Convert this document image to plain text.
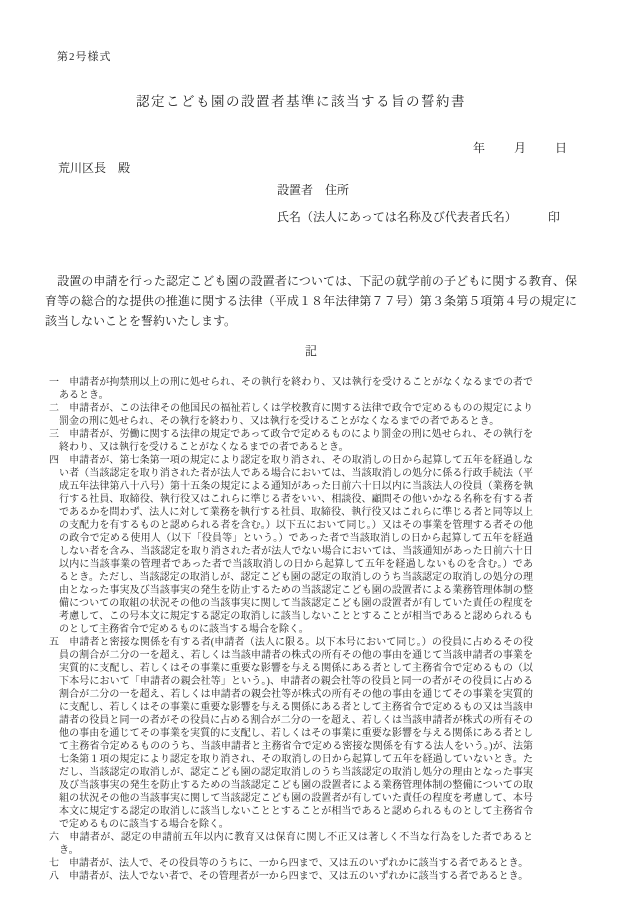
第2号様式
認定こども園の設置者基準に該当する旨の誓約書
年 月 日
荒川区長　殿
設置者　住所
氏名（法人にあっては名称及び代表者氏名）	印
　設置の申請を行った認定こども園の設置者については、下記の就学前の子どもに関する教育、保育等の総合的な提供の推進に関する法律（平成１８年法律第７７号）第３条第５項第４号の規定に該当しないことを誓約いたします。
記
一 申請者が拘禁刑以上の刑に処せられ、その執行を終わり、又は執行を受けることがなくなるまでの者であるとき。
二 申請者が、この法律その他国民の福祉若しくは学校教育に関する法律で政令で定めるものの規定により罰金の刑に処せられ、その執行を終わり、又は執行を受けることがなくなるまでの者であるとき。
三 申請者が、労働に関する法律の規定であって政令で定めるものにより罰金の刑に処せられ、その執行を終わり、又は執行を受けることがなくなるまでの者であるとき。
四 申請者が、第七条第一項の規定により認定を取り消され、その取消しの日から起算して五年を経過しない者（当該認定を取り消された者が法人である場合においては、当該取消しの処分に係る行政手続法（平成五年法律第八十八号）第十五条の規定による通知があった日前六十日以内に当該法人の役員（業務を執行する社員、取締役、執行役又はこれらに準じる者をいい、相談役、顧問その他いかなる名称を有する者であるかを問わず、法人に対して業務を執行する社員、取締役、執行役又はこれらに準じる者と同等以上の支配力を有するものと認められる者を含む。）以下五において同じ。）又はその事業を管理する者その他の政令で定める使用人（以下「役員等」という。）であった者で当該取消しの日から起算して五年を経過しない者を含み、当該認定を取り消された者が法人でない場合においては、当該通知があった日前六十日以内に当該事業の管理者であった者で当該取消しの日から起算して五年を経過しないものを含む。）であるとき。ただし、当該認定の取消しが、認定こども園の認定の取消しのうち当該認定の取消しの処分の理由となった事実及び当該事実の発生を防止するための当該認定こども園の設置者による業務管理体制の整備についての取組の状況その他の当該事実に関して当該認定こども園の設置者が有していた責任の程度を考慮して、この号本文に規定する認定の取消しに該当しないこととすることが相当であると認められるものとして主務省令で定めるものに該当する場合を除く。
五 申請者と密接な関係を有する者(申請者（法人に限る。以下本号において同じ。）の役員に占めるその役員の割合が二分の一を超え、若しくは当該申請者の株式の所有その他の事由を通じて当該申請者の事業を実質的に支配し、若しくはその事業に重要な影響を与える関係にある者として主務省令で定めるもの（以下本号において「申請者の親会社等」という。)、申請者の親会社等の役員と同一の者がその役員に占める割合が二分の一を超え、若しくは申請者の親会社等が株式の所有その他の事由を通じてその事業を実質的に支配し、若しくはその事業に重要な影響を与える関係にある者として主務省令で定めるもの又は当該申請者の役員と同一の者がその役員に占める割合が二分の一を超え、若しくは当該申請者が株式の所有その他の事由を通じてその事業を実質的に支配し、若しくはその事業に重要な影響を与える関係にある者として主務省令定めるもののうち、当該申請者と主務省令で定める密接な関係を有する法人をいう。)が、法第七条第１項の規定により認定を取り消され、その取消しの日から起算して五年を経過していないとき。ただし、当該認定の取消しが、認定こども園の認定取消しのうち当該認定の取消し処分の理由となった事実及び当該事実の発生を防止するための当該認定こども園の設置者による業務管理体制の整備についての取組の状況その他の当該事実に関して当該認定こども園の設置者が有していた責任の程度を考慮して、本号本文に規定する認定の取消しに該当しないこととすることが相当であると認められるものとして主務省令で定めるものに該当する場合を除く。
六 申請者が、認定の申請前五年以内に教育又は保育に関し不正又は著しく不当な行為をした者であるとき。
七 申請者が、法人で、その役員等のうちに、一から四まで、又は五のいずれかに該当する者であるとき。
八 申請者が、法人でない者で、その管理者が一から四まで、又は五のいずれかに該当する者であるとき。
